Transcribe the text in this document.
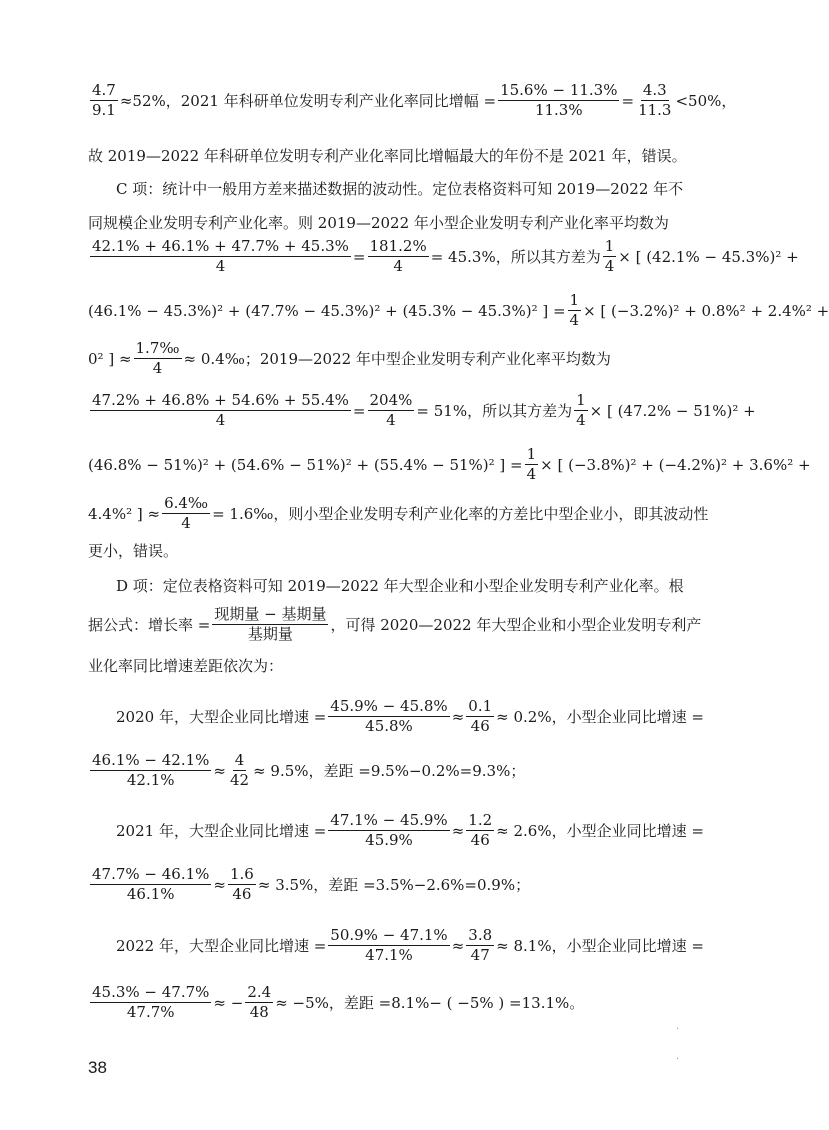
$\frac{4.7}{9.1} \approx 52\%$，2021 年科研单位发明专利产业化率同比增幅 = $\frac{15.6\% - 11.3\%}{11.3\%} = \frac{4.3}{11.3} <50\%$，
故 2019—2022 年科研单位发明专利产业化率同比增幅最大的年份不是 2021 年，错误。
C 项：统计中一般用方差来描述数据的波动性。定位表格资料可知 2019—2022 年不
同规模企业发明专利产业化率。则 2019—2022 年小型企业发明专利产业化率平均数为
$\frac{42.1\% + 46.1\% + 47.7\% + 45.3\%}{4} = \frac{181.2\%}{4} = 45.3\%$，所以其方差为 $\frac{1}{4}$ × [ (42.1% − 45.3%)² +
(46.1% − 45.3%)² + (47.7% − 45.3%)² + (45.3% − 45.3%)² ] = $\frac{1}{4}$ × [ (−3.2%)² + 0.8%² + 2.4%² +
0² ] ≈ $\frac{1.7‰}{4}$ ≈ 0.4‰；2019—2022 年中型企业发明专利产业化率平均数为
$\frac{47.2\% + 46.8\% + 54.6\% + 55.4\%}{4} = \frac{204\%}{4} = 51\%$，所以其方差为 $\frac{1}{4}$ × [ (47.2% − 51%)² +
(46.8% − 51%)² + (54.6% − 51%)² + (55.4% − 51%)² ] = $\frac{1}{4}$ × [ (−3.8%)² + (−4.2%)² + 3.6%² +
4.4%² ] ≈ $\frac{6.4‰}{4}$ = 1.6‰，则小型企业发明专利产业化率的方差比中型企业小，即其波动性
更小，错误。
D 项：定位表格资料可知 2019—2022 年大型企业和小型企业发明专利产业化率。根
据公式：增长率 = $\frac{\text{现期量 − 基期量}}{\text{基期量}}$ ，可得 2020—2022 年大型企业和小型企业发明专利产
业化率同比增速差距依次为：
2020 年，大型企业同比增速 = $\frac{45.9\% - 45.8\%}{45.8\%} \approx \frac{0.1}{46} \approx 0.2\%$，小型企业同比增速 =
$\frac{46.1\% - 42.1\%}{42.1\%} \approx \frac{4}{42} \approx 9.5\%$，差距 =9.5%−0.2%=9.3%；
2021 年，大型企业同比增速 = $\frac{47.1\% - 45.9\%}{45.9\%} \approx \frac{1.2}{46} \approx 2.6\%$，小型企业同比增速 =
$\frac{47.7\% - 46.1\%}{46.1\%} \approx \frac{1.6}{46} \approx 3.5\%$，差距 =3.5%−2.6%=0.9%；
2022 年，大型企业同比增速 = $\frac{50.9\% - 47.1\%}{47.1\%} \approx \frac{3.8}{47} \approx 8.1\%$，小型企业同比增速 =
$\frac{45.3\% - 47.7\%}{47.7\%}$ ≈ − $\frac{2.4}{48} \approx -5\%$，差距 =8.1%− ( −5% ) =13.1%。
38
·
·
